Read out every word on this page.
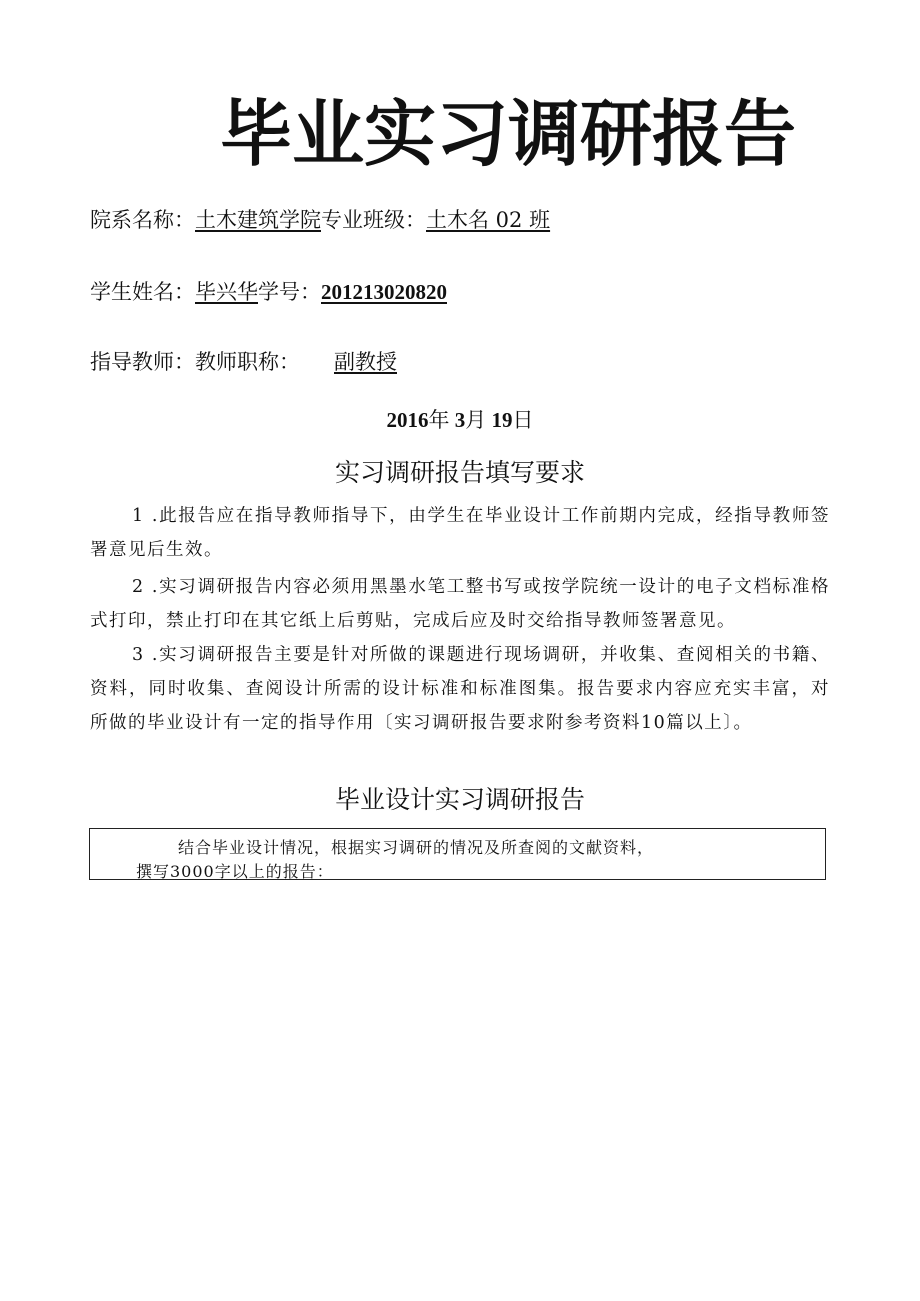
毕业实习调研报告
院系名称：土木建筑学院专业班级：土木名 02 班
学生姓名：毕兴华学号：201213020820
指导教师：教师职称： 副教授
2016年 3月 19日
实习调研报告填写要求
1 .此报告应在指导教师指导下，由学生在毕业设计工作前期内完成，经指导教师签署意见后生效。
2 .实习调研报告内容必须用黑墨水笔工整书写或按学院统一设计的电子文档标准格式打印，禁止打印在其它纸上后剪贴，完成后应及时交给指导教师签署意见。
3 .实习调研报告主要是针对所做的课题进行现场调研，并收集、查阅相关的书籍、资料，同时收集、查阅设计所需的设计标准和标准图集。报告要求内容应充实丰富，对所做的毕业设计有一定的指导作用〔实习调研报告要求附参考资料10篇以上〕。
毕业设计实习调研报告
结合毕业设计情况，根据实习调研的情况及所查阅的文献资料，
撰写3000字以上的报告：
